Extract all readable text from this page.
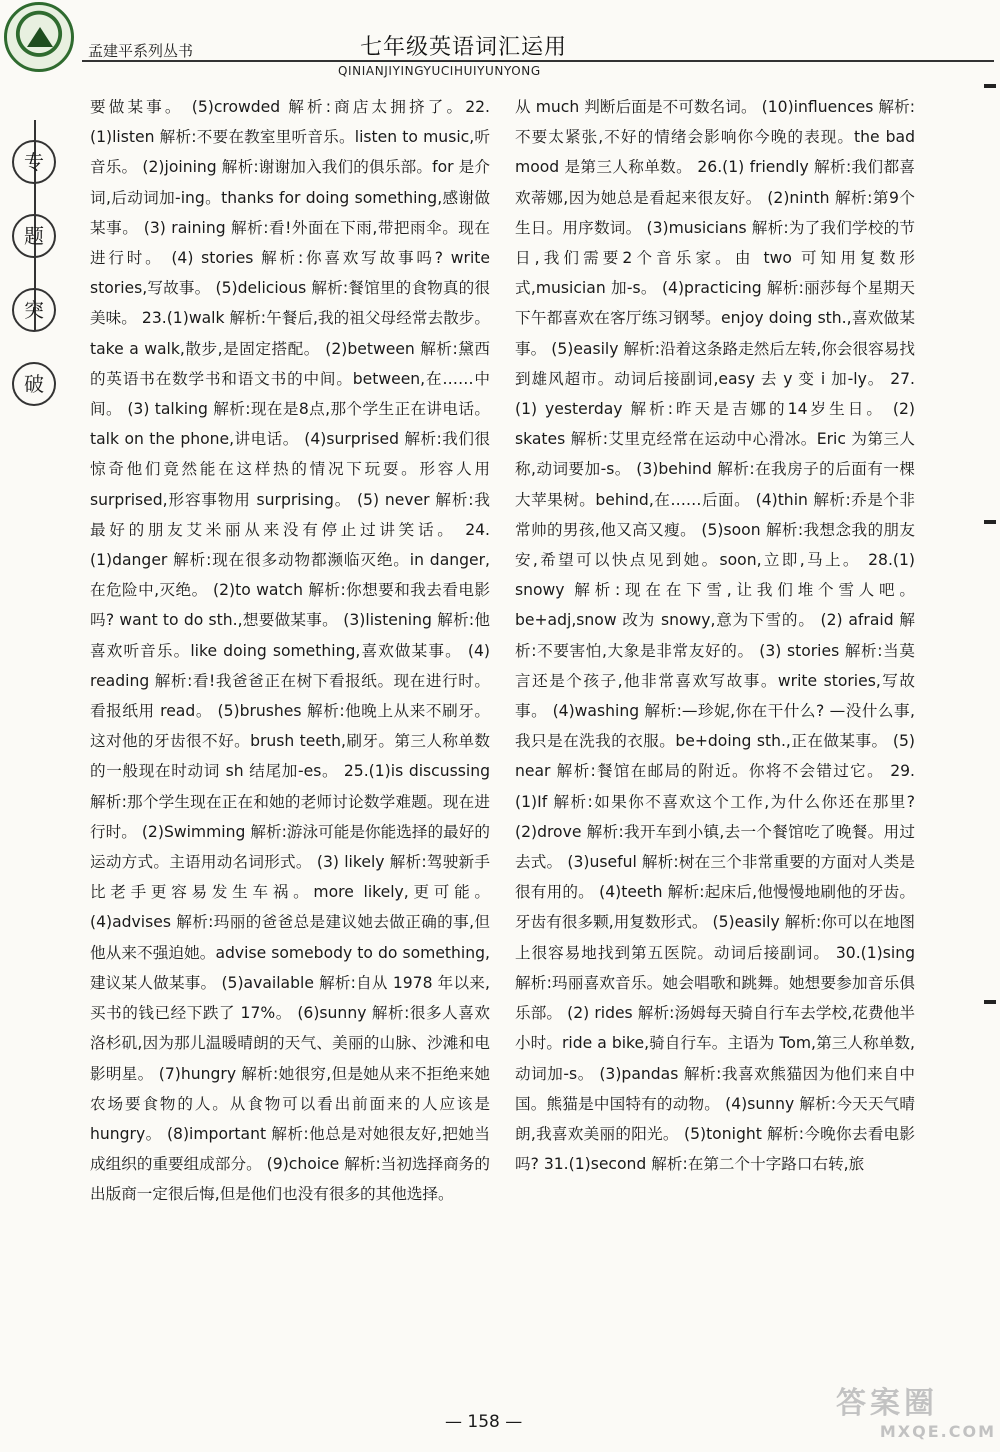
孟建平系列丛书	七年级英语词汇运用
QINIANJIYINGYUCIHUIYUNYONG
专
题
突
破

要做某事。 (5)crowded 解析:商店太拥挤了。22.(1)listen 解析:不要在教室里听音乐。listen to music,听音乐。 (2)joining 解析:谢谢加入我们的俱乐部。for 是介词,后动词加-ing。thanks for doing something,感谢做某事。 (3) raining 解析:看!外面在下雨,带把雨伞。现在进行时。 (4) stories 解析:你喜欢写故事吗? write stories,写故事。 (5)delicious 解析:餐馆里的食物真的很美味。 23.(1)walk 解析:午餐后,我的祖父母经常去散步。take a walk,散步,是固定搭配。 (2)between 解析:黛西的英语书在数学书和语文书的中间。between,在……中间。 (3) talking 解析:现在是8点,那个学生正在讲电话。talk on the phone,讲电话。 (4)surprised 解析:我们很惊奇他们竟然能在这样热的情况下玩耍。形容人用 surprised,形容事物用 surprising。 (5) never 解析:我最好的朋友艾米丽从来没有停止过讲笑话。 24.(1)danger 解析:现在很多动物都濒临灭绝。in danger,在危险中,灭绝。 (2)to watch 解析:你想要和我去看电影吗? want to do sth.,想要做某事。 (3)listening 解析:他喜欢听音乐。like doing something,喜欢做某事。 (4) reading 解析:看!我爸爸正在树下看报纸。现在进行时。看报纸用 read。 (5)brushes 解析:他晚上从来不刷牙。这对他的牙齿很不好。brush teeth,刷牙。第三人称单数的一般现在时动词 sh 结尾加-es。 25.(1)is discussing 解析:那个学生现在正在和她的老师讨论数学难题。现在进行时。 (2)Swimming 解析:游泳可能是你能选择的最好的运动方式。主语用动名词形式。 (3) likely 解析:驾驶新手比老手更容易发生车祸。more likely,更可能。 (4)advises 解析:玛丽的爸爸总是建议她去做正确的事,但他从来不强迫她。advise somebody to do something,建议某人做某事。 (5)available 解析:自从 1978 年以来,买书的钱已经下跌了 17%。 (6)sunny 解析:很多人喜欢洛杉矶,因为那儿温暖晴朗的天气、美丽的山脉、沙滩和电影明星。 (7)hungry 解析:她很穷,但是她从来不拒绝来她农场要食物的人。从食物可以看出前面来的人应该是 hungry。 (8)important 解析:他总是对她很友好,把她当成组织的重要组成部分。 (9)choice 解析:当初选择商务的出版商一定很后悔,但是他们也没有很多的其他选择。

从 much 判断后面是不可数名词。 (10)influences 解析:不要太紧张,不好的情绪会影响你今晚的表现。the bad mood 是第三人称单数。 26.(1) friendly 解析:我们都喜欢蒂娜,因为她总是看起来很友好。 (2)ninth 解析:第9个生日。用序数词。 (3)musicians 解析:为了我们学校的节日,我们需要2个音乐家。由 two 可知用复数形式,musician 加-s。 (4)practicing 解析:丽莎每个星期天下午都喜欢在客厅练习钢琴。enjoy doing sth.,喜欢做某事。 (5)easily 解析:沿着这条路走然后左转,你会很容易找到雄风超市。动词后接副词,easy 去 y 变 i 加-ly。 27.(1) yesterday 解析:昨天是吉娜的14岁生日。 (2) skates 解析:艾里克经常在运动中心滑冰。Eric 为第三人称,动词要加-s。 (3)behind 解析:在我房子的后面有一棵大苹果树。behind,在……后面。 (4)thin 解析:乔是个非常帅的男孩,他又高又瘦。 (5)soon 解析:我想念我的朋友安,希望可以快点见到她。soon,立即,马上。 28.(1) snowy 解析:现在在下雪,让我们堆个雪人吧。be+adj,snow 改为 snowy,意为下雪的。 (2) afraid 解析:不要害怕,大象是非常友好的。 (3) stories 解析:当莫言还是个孩子,他非常喜欢写故事。write stories,写故事。 (4)washing 解析:—珍妮,你在干什么? —没什么事,我只是在洗我的衣服。be+doing sth.,正在做某事。 (5) near 解析:餐馆在邮局的附近。你将不会错过它。 29.(1)If 解析:如果你不喜欢这个工作,为什么你还在那里? (2)drove 解析:我开车到小镇,去一个餐馆吃了晚餐。用过去式。 (3)useful 解析:树在三个非常重要的方面对人类是很有用的。 (4)teeth 解析:起床后,他慢慢地刷他的牙齿。牙齿有很多颗,用复数形式。 (5)easily 解析:你可以在地图上很容易地找到第五医院。动词后接副词。 30.(1)sing 解析:玛丽喜欢音乐。她会唱歌和跳舞。她想要参加音乐俱乐部。 (2) rides 解析:汤姆每天骑自行车去学校,花费他半小时。ride a bike,骑自行车。主语为 Tom,第三人称单数,动词加-s。 (3)pandas 解析:我喜欢熊猫因为他们来自中国。熊猫是中国特有的动物。 (4)sunny 解析:今天天气晴朗,我喜欢美丽的阳光。 (5)tonight 解析:今晚你去看电影吗? 31.(1)second 解析:在第二个十字路口右转,旅

— 158 —
答案圈
MXQE.COM
